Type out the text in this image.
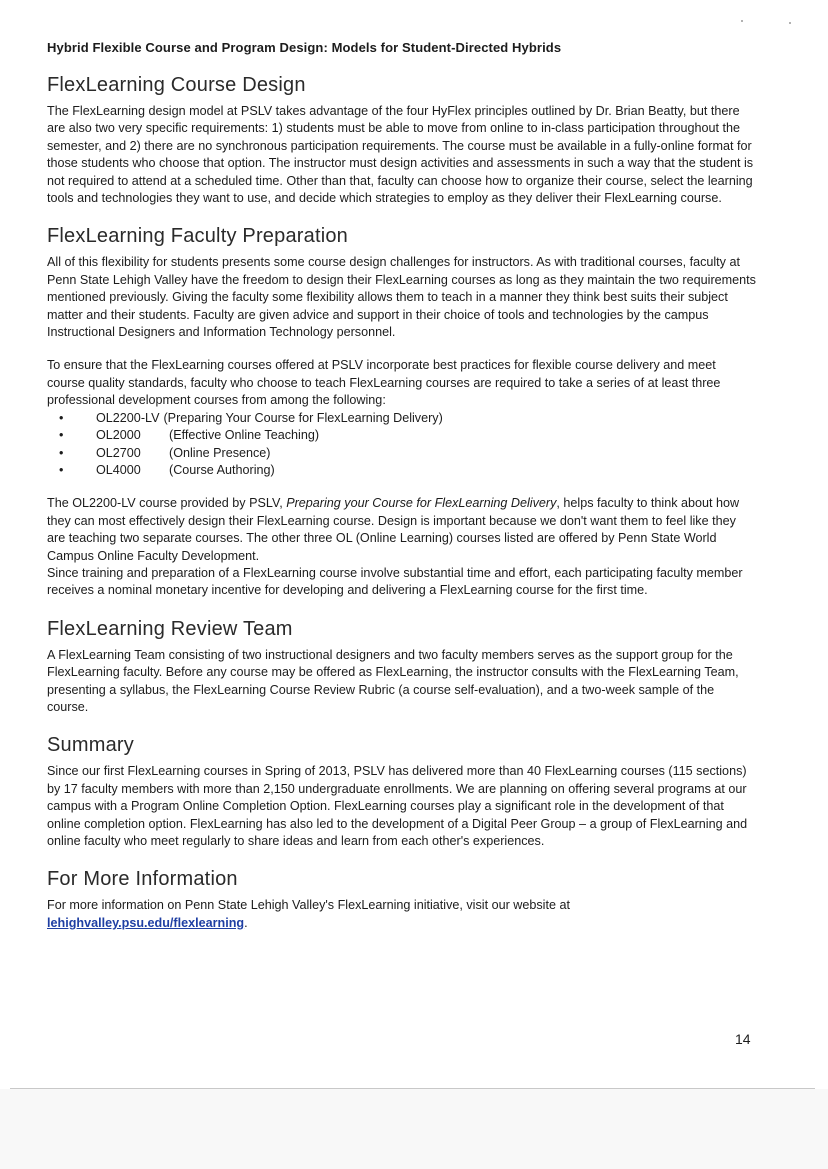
Hybrid Flexible Course and Program Design: Models for Student-Directed Hybrids
FlexLearning Course Design

The FlexLearning design model at PSLV takes advantage of the four HyFlex principles outlined by Dr. Brian Beatty, but there are also two very specific requirements: 1) students must be able to move from online to in-class participation throughout the semester, and 2) there are no synchronous participation requirements. The course must be available in a fully-online format for those students who choose that option. The instructor must design activities and assessments in such a way that the student is not required to attend at a scheduled time. Other than that, faculty can choose how to organize their course, select the learning tools and technologies they want to use, and decide which strategies to employ as they deliver their FlexLearning course.

FlexLearning Faculty Preparation

All of this flexibility for students presents some course design challenges for instructors. As with traditional courses, faculty at Penn State Lehigh Valley have the freedom to design their FlexLearning courses as long as they maintain the two requirements mentioned previously. Giving the faculty some flexibility allows them to teach in a manner they think best suits their subject matter and their students. Faculty are given advice and support in their choice of tools and technologies by the campus Instructional Designers and Information Technology personnel.

To ensure that the FlexLearning courses offered at PSLV incorporate best practices for flexible course delivery and meet course quality standards, faculty who choose to teach FlexLearning courses are required to take a series of at least three professional development courses from among the following:

•	OL2200-LV (Preparing Your Course for FlexLearning Delivery)
•	OL2000	(Effective Online Teaching)
•	OL2700	(Online Presence)
•	OL4000	(Course Authoring)

The OL2200-LV course provided by PSLV, Preparing your Course for FlexLearning Delivery, helps faculty to think about how they can most effectively design their FlexLearning course. Design is important because we don't want them to feel like they are teaching two separate courses. The other three OL (Online Learning) courses listed are offered by Penn State World Campus Online Faculty Development.

Since training and preparation of a FlexLearning course involve substantial time and effort, each participating faculty member receives a nominal monetary incentive for developing and delivering a FlexLearning course for the first time.

FlexLearning Review Team

A FlexLearning Team consisting of two instructional designers and two faculty members serves as the support group for the FlexLearning faculty. Before any course may be offered as FlexLearning, the instructor consults with the FlexLearning Team, presenting a syllabus, the FlexLearning Course Review Rubric (a course self-evaluation), and a two-week sample of the course.

Summary

Since our first FlexLearning courses in Spring of 2013, PSLV has delivered more than 40 FlexLearning courses (115 sections) by 17 faculty members with more than 2,150 undergraduate enrollments. We are planning on offering several programs at our campus with a Program Online Completion Option. FlexLearning courses play a significant role in the development of that online completion option. FlexLearning has also led to the development of a Digital Peer Group – a group of FlexLearning and online faculty who meet regularly to share ideas and learn from each other's experiences.

For More Information

For more information on Penn State Lehigh Valley's FlexLearning initiative, visit our website at

lehighvalley.psu.edu/flexlearning.

14
